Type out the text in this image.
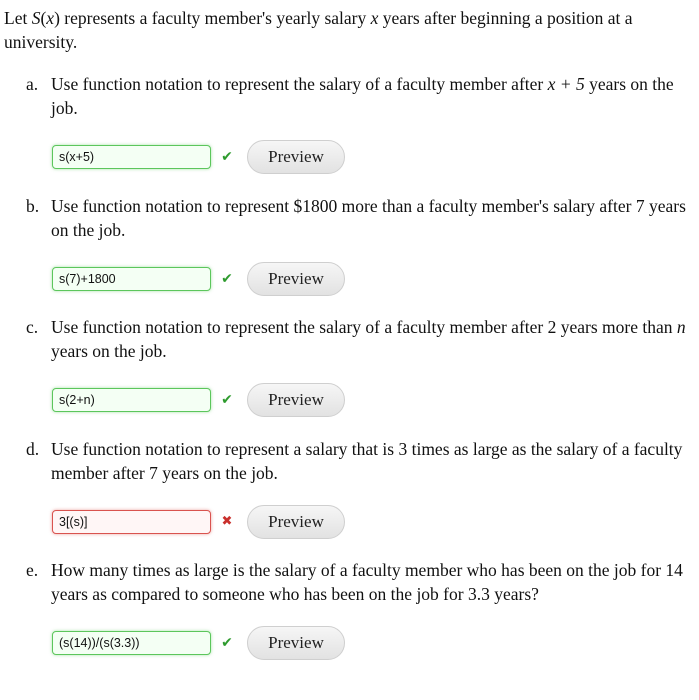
Let S(x) represents a faculty member's yearly salary x years after beginning a position at a university.

a. Use function notation to represent the salary of a faculty member after x + 5 years on the job.
s(x+5)	✔	Preview
b. Use function notation to represent $1800 more than a faculty member's salary after 7 years on the job.
s(7)+1800	✔	Preview
c. Use function notation to represent the salary of a faculty member after 2 years more than n years on the job.
s(2+n)	✔	Preview
d. Use function notation to represent a salary that is 3 times as large as the salary of a faculty member after 7 years on the job.
3[(s)]	✖	Preview
e. How many times as large is the salary of a faculty member who has been on the job for 14 years as compared to someone who has been on the job for 3.3 years?
(s(14))/(s(3.3))	✔	Preview
